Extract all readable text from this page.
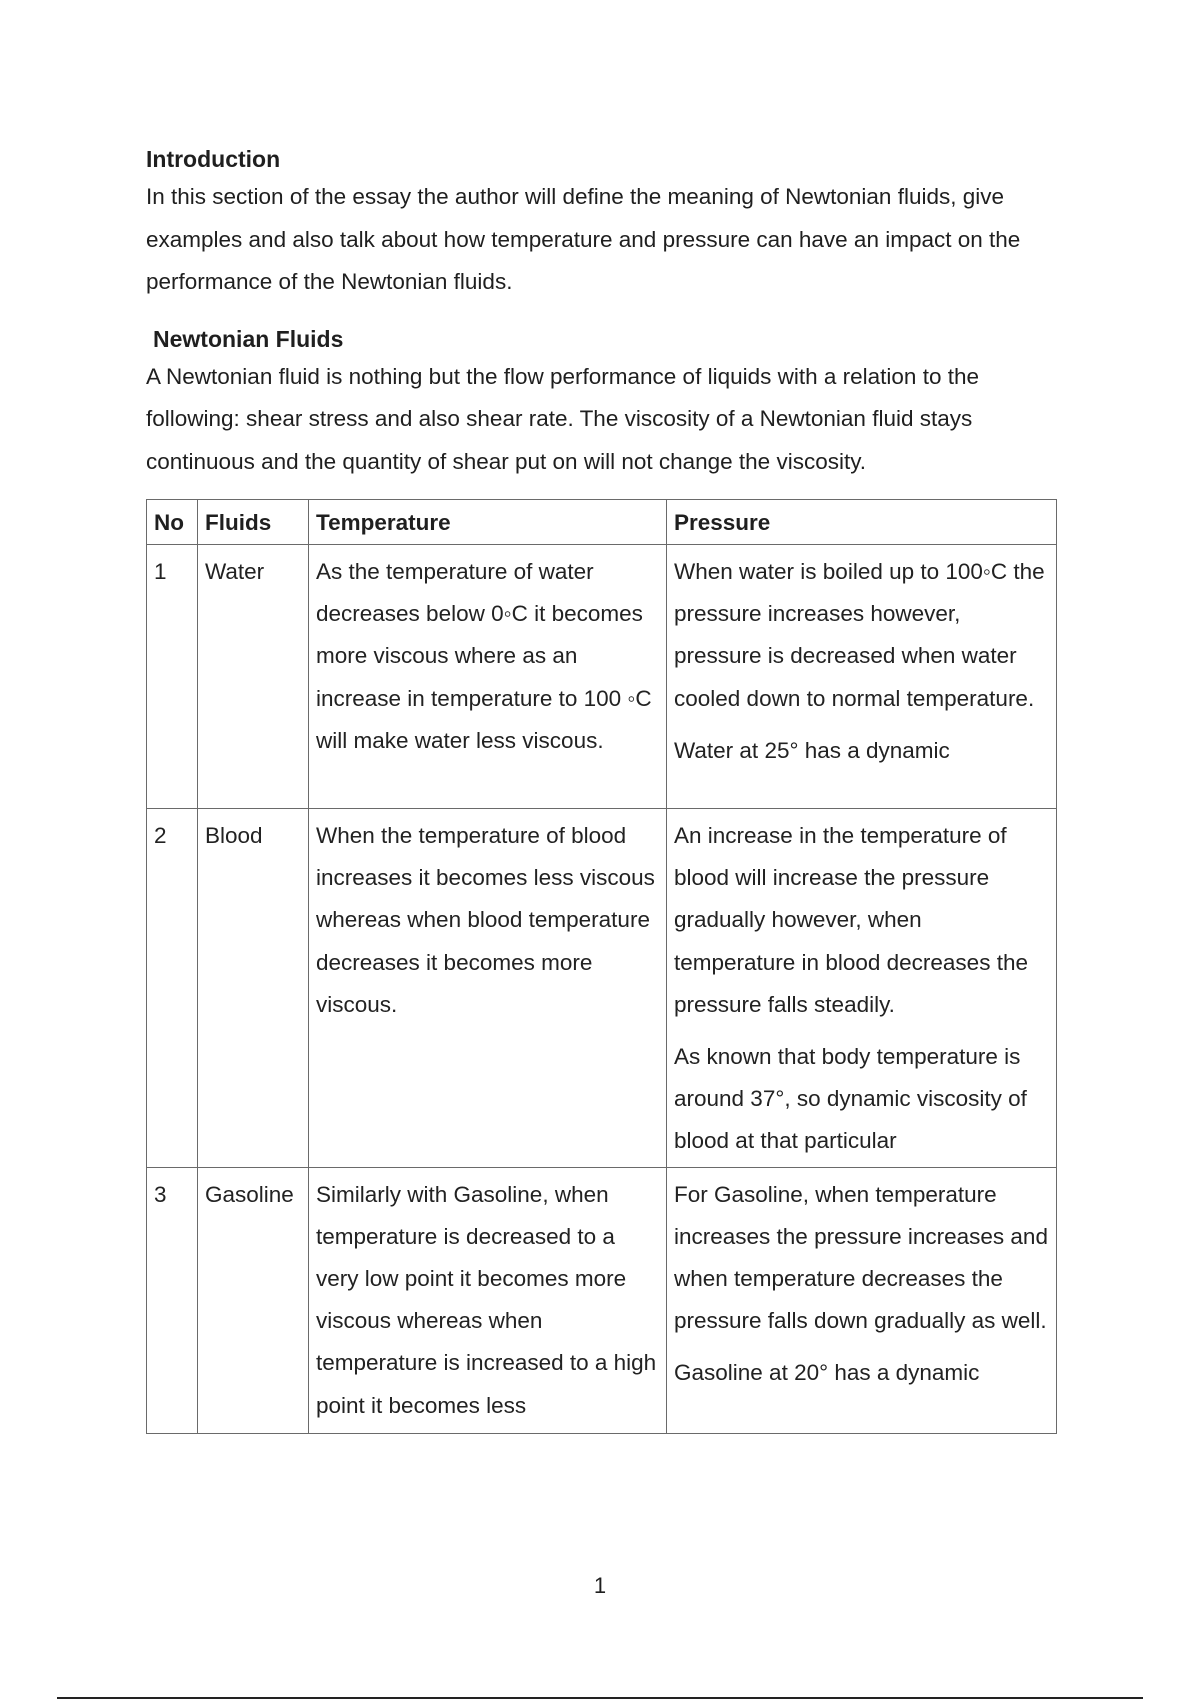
Introduction

In this section of the essay the author will define the meaning of Newtonian fluids, give examples and also talk about how temperature and pressure can have an impact on the performance of the Newtonian fluids.

Newtonian Fluids

A Newtonian fluid is nothing but the flow performance of liquids with a relation to the following: shear stress and also shear rate. The viscosity of a Newtonian fluid stays continuous and the quantity of shear put on will not change the viscosity.

No	Fluids	Temperature	Pressure
1	Water	As the temperature of water decreases below 0◦C it becomes more viscous where as an increase in temperature to 100 ◦C will make water less viscous.	When water is boiled up to 100◦C the pressure increases however, pressure is decreased when water cooled down to normal temperature.
Water at 25° has a dynamic

2	Blood	When the temperature of blood increases it becomes less viscous whereas when blood temperature decreases it becomes more viscous.	An increase in the temperature of blood will increase the pressure gradually however, when temperature in blood decreases the pressure falls steadily.
As known that body temperature is around 37°, so dynamic viscosity of blood at that particular

3	Gasoline	Similarly with Gasoline, when temperature is decreased to a very low point it becomes more viscous whereas when temperature is increased to a high point it becomes less	For Gasoline, when temperature increases the pressure increases and when temperature decreases the pressure falls down gradually as well.
Gasoline at 20° has a dynamic
1
